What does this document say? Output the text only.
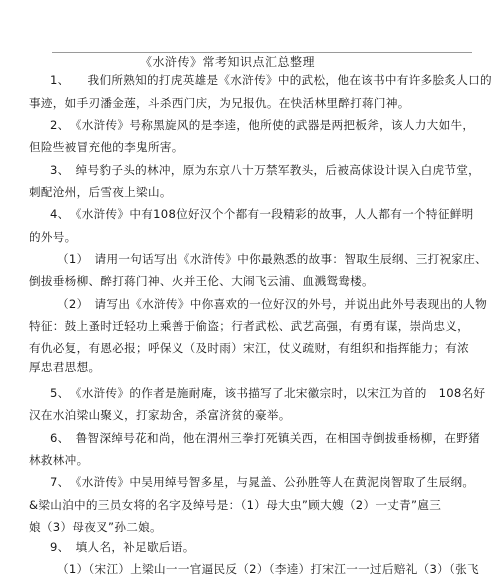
《水浒传》常考知识点汇总整理
1、　　我们所熟知的打虎英雄是《水浒传》中的武松，他在该书中有许多脍炙人口的
事迹，如手刃潘金莲，斗杀西门庆，为兄报仇。在快活林里醉打蒋门神。
2、　《水浒传》号称黑旋风的是李逵，他所使的武器是两把板斧，该人力大如牛，
但险些被冒充他的李鬼所害。
3、　绰号豹子头的林冲，原为东京八十万禁军教头，后被高俅设计误入白虎节堂，
刺配沧州，后雪夜上梁山。
4、　《水浒传》中有108位好汉个个都有一段精彩的故事，人人都有一个特征鲜明
的外号。
（1）　请用一句话写出《水浒传》中你最熟悉的故事：智取生辰纲、三打祝家庄、
倒拔垂杨柳、醉打蒋门神、火并王伦、大闹飞云浦、血溅鸳鸯楼。
（2）　请写出《水浒传》中你喜欢的一位好汉的外号，并说出此外号表现出的人物
特征：鼓上蚤时迁轻功上乘善于偷盗；行者武松、武艺高强，有勇有谋，崇尚忠义，
有仇必复，有恩必报；呼保义（及时雨）宋江，仗义疏财，有组织和指挥能力；有浓
厚忠君思想。
5、　《水浒传》的作者是施耐庵，该书描写了北宋徽宗时，以宋江为首的　108名好
汉在水泊梁山聚义，打家劫舍，杀富济贫的豪举。
6、　鲁智深绰号花和尚，他在渭州三拳打死镇关西，在相国寺倒拔垂杨柳，在野猪
林救林冲。
7、　《水浒传》中吴用绰号智多星，与晁盖、公孙胜等人在黄泥岗智取了生辰纲。
&梁山泊中的三员女将的名字及绰号是：（1）母大虫”顾大嫂（2）一丈青”扈三
娘（3）母夜叉”孙二娘。
9、　填人名，补足歇后语。
（1）（宋江）上梁山一一官逼民反（2）（李逵）打宋江一一过后赔礼（3）（张飞
